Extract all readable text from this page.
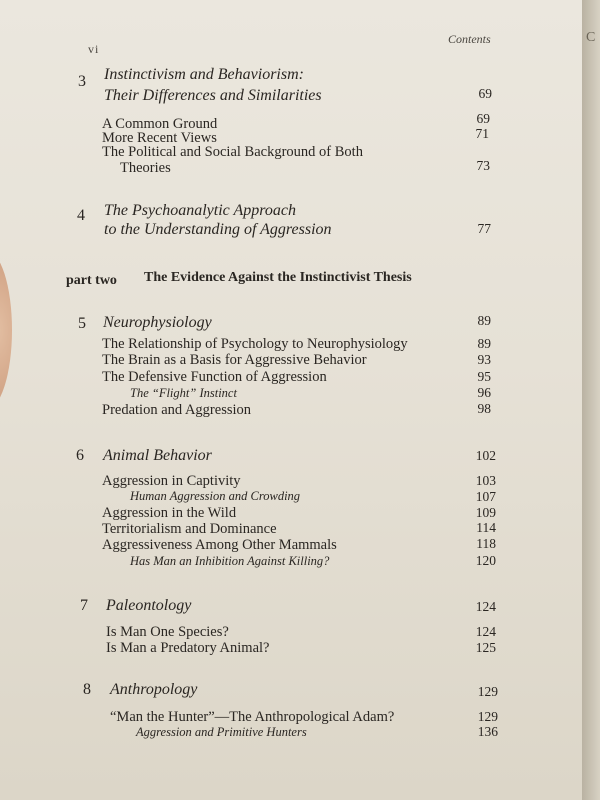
C
vi
Contents
3 Instinctivism and Behaviorism:
Their Differences and Similarities	69
A Common Ground	69
More Recent Views	71
The Political and Social Background of Both
Theories	73
4 The Psychoanalytic Approach
to the Understanding of Aggression	77
part two The Evidence Against the Instinctivist Thesis
5 Neurophysiology	89
The Relationship of Psychology to Neurophysiology	89
The Brain as a Basis for Aggressive Behavior	93
The Defensive Function of Aggression	95
The “Flight” Instinct	96
Predation and Aggression	98
6 Animal Behavior	102
Aggression in Captivity	103
Human Aggression and Crowding	107
Aggression in the Wild	109
Territorialism and Dominance	114
Aggressiveness Among Other Mammals	118
Has Man an Inhibition Against Killing?	120
7 Paleontology	124
Is Man One Species?	124
Is Man a Predatory Animal?	125
8 Anthropology	129
“Man the Hunter”—The Anthropological Adam?	129
Aggression and Primitive Hunters	136
